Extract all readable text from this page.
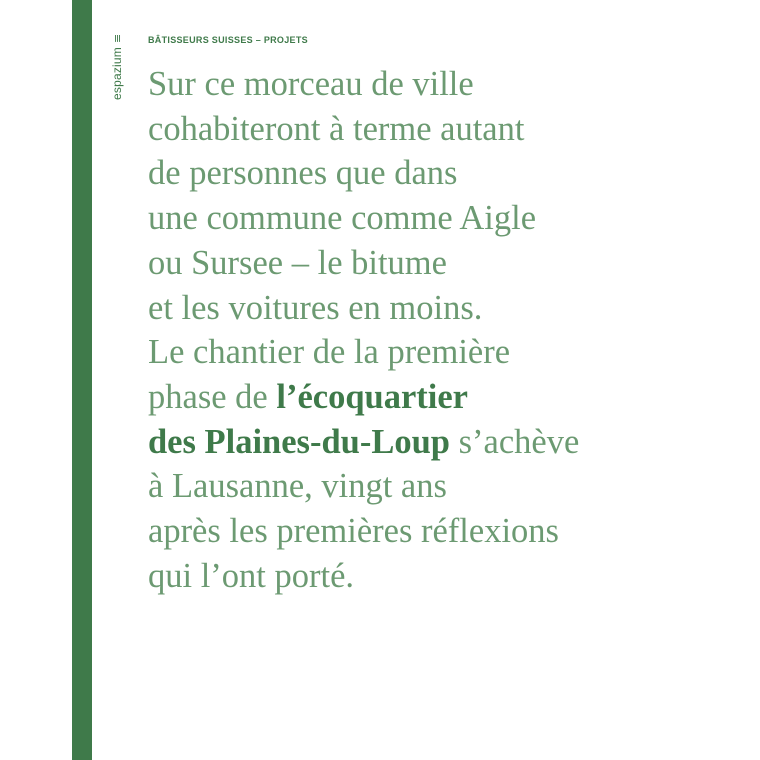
espazium
≡	BÂTISSEURS SUISSES – PROJETS

Sur ce morceau de ville
cohabiteront à terme autant
de personnes que dans
une commune comme Aigle
ou Sursee – le bitume
et les voitures en moins.
Le chantier de la première
phase de l’écoquartier
des Plaines-du-Loup s’achève
à Lausanne, vingt ans
après les premières réflexions
qui l’ont porté.
